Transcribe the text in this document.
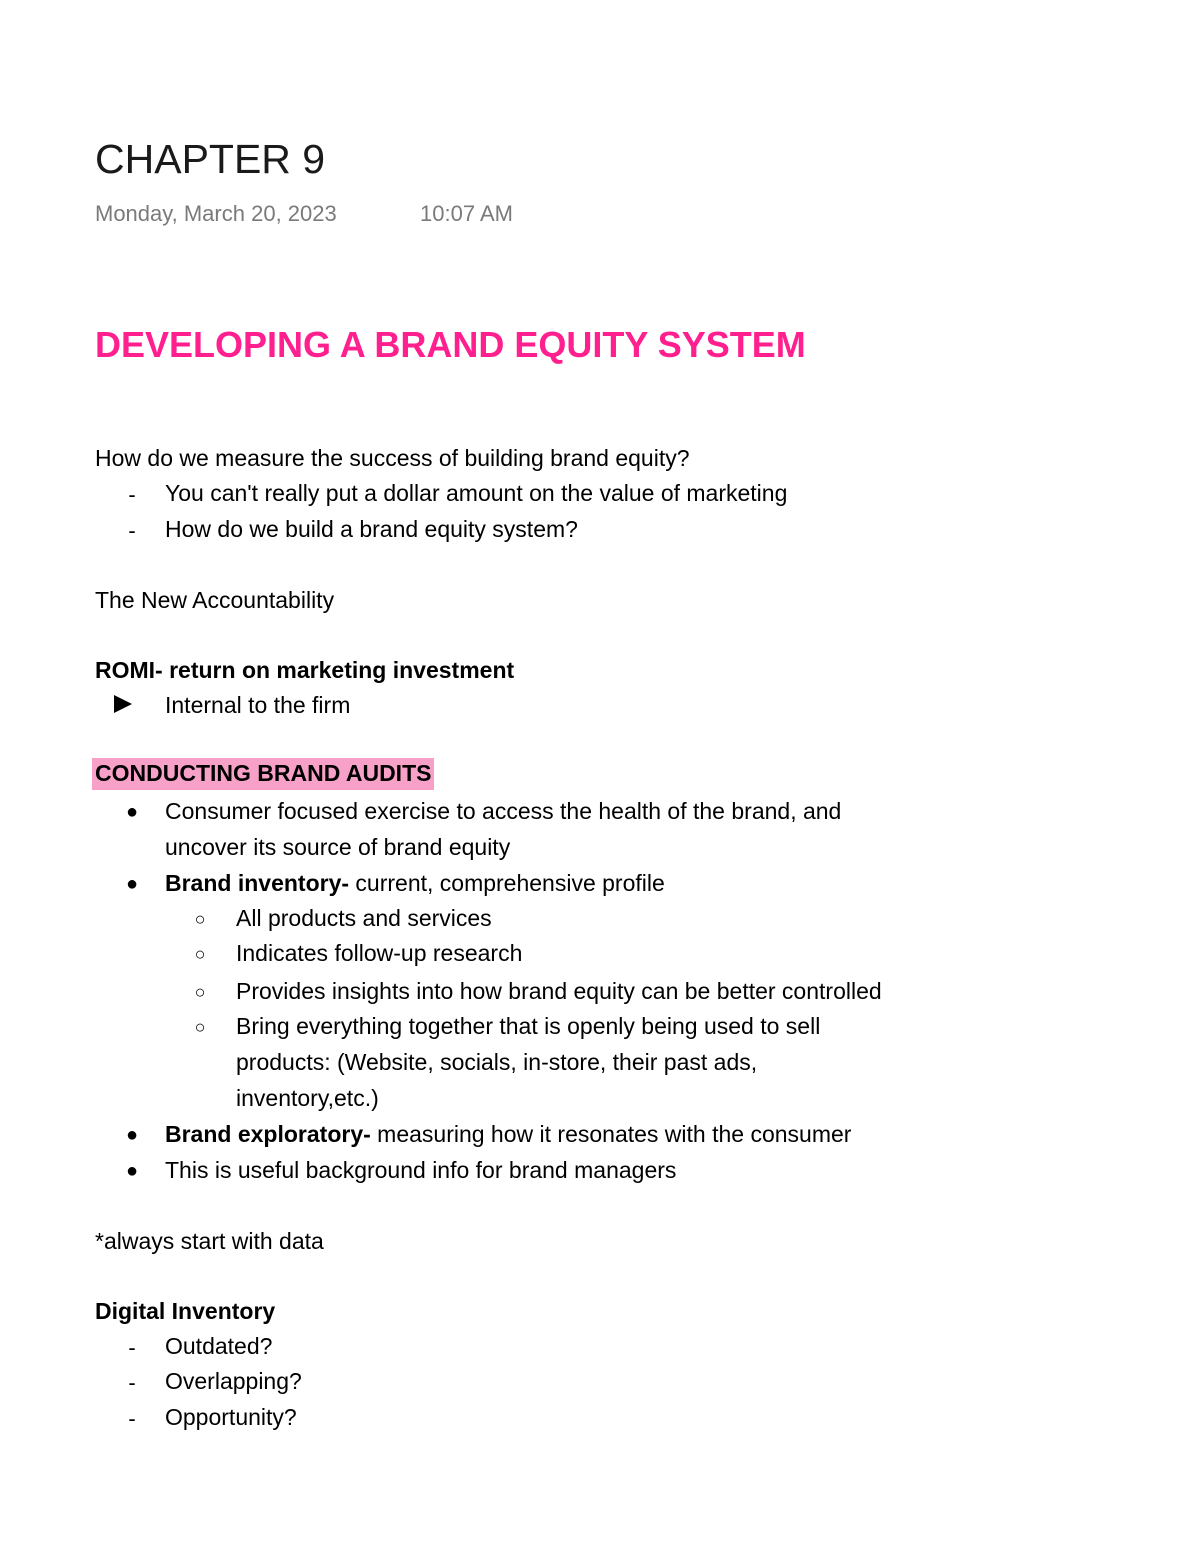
CHAPTER 9
Monday, March 20, 2023	10:07 AM
DEVELOPING A BRAND EQUITY SYSTEM
How do we measure the success of building brand equity?
- You can't really put a dollar amount on the value of marketing
- How do we build a brand equity system?
The New Accountability
ROMI- return on marketing investment
Internal to the firm
CONDUCTING BRAND AUDITS
● Consumer focused exercise to access the health of the brand, and
uncover its source of brand equity
● Brand inventory- current, comprehensive profile
○ All products and services
○ Indicates follow-up research
○ Provides insights into how brand equity can be better controlled
○ Bring everything together that is openly being used to sell
products: (Website, socials, in-store, their past ads,
inventory,etc.)
● Brand exploratory- measuring how it resonates with the consumer
● This is useful background info for brand managers
*always start with data
Digital Inventory
- Outdated?
- Overlapping?
- Opportunity?
